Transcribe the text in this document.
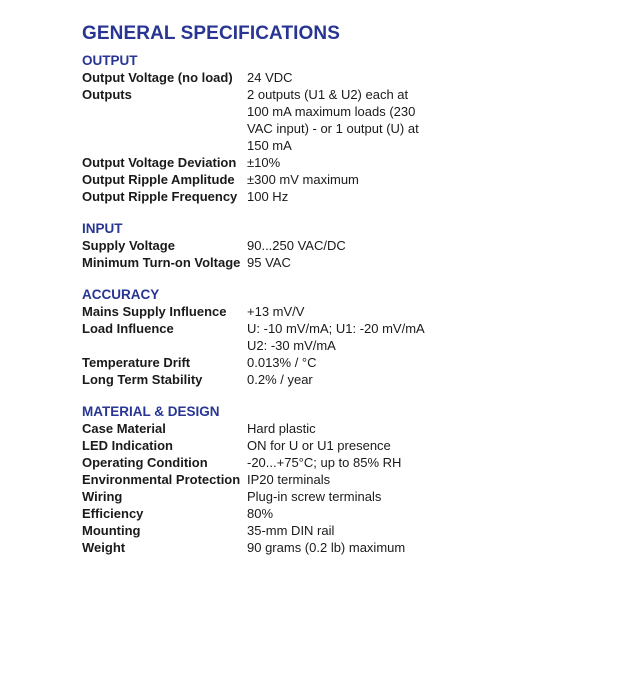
GENERAL SPECIFICATIONS
OUTPUT
Output Voltage (no load)	24 VDC
Outputs	2 outputs (U1 & U2) each at 100 mA maximum loads (230 VAC input) - or 1 output (U) at 150 mA
Output Voltage Deviation ±10%
Output Ripple Amplitude ±300 mV maximum
Output Ripple Frequency 100 Hz
INPUT
Supply Voltage	90...250 VAC/DC
Minimum Turn-on Voltage 95 VAC
ACCURACY
Mains Supply Influence	+13 mV/V
Load Influence	U: -10 mV/mA; U1: -20 mV/mA U2: -30 mV/mA
Temperature Drift	0.013% / °C
Long Term Stability	0.2% / year
MATERIAL & DESIGN
Case Material	Hard plastic
LED Indication	ON for U or U1 presence
Operating Condition	-20...+75°C; up to 85% RH
Environmental Protection IP20 terminals
Wiring	Plug-in screw terminals
Efficiency	80%
Mounting	35-mm DIN rail
Weight	90 grams (0.2 lb) maximum
